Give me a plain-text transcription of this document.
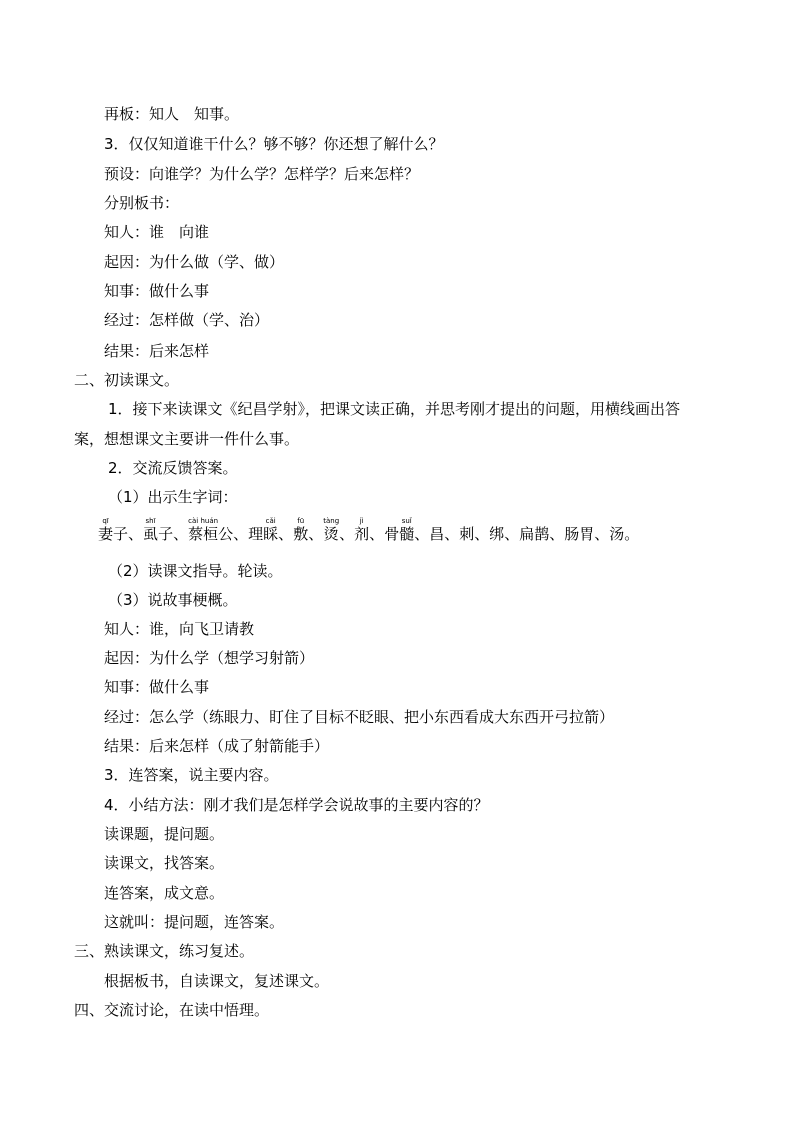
再板：知人　知事。
3．仅仅知道谁干什么？够不够？你还想了解什么？
预设：向谁学？为什么学？怎样学？后来怎样？
分别板书：
知人：谁　向谁
起因：为什么做（学、做）
知事：做什么事
经过：怎样做（学、治）
结果：后来怎样
二、初读课文。
1．接下来读课文《纪昌学射》，把课文读正确，并思考刚才提出的问题，用横线画出答
案，想想课文主要讲一件什么事。
2．交流反馈答案。
（1）出示生字词：
妻qī子 、 虱shī子 、 蔡桓cài huán公 、 理睬cǎi
、 敷fū
、 烫tàng
、 剂jì
、 骨髓suǐ
、 昌、刺、绑、扁鹊、肠胃、汤。
（2）读课文指导。轮读。
（3）说故事梗概。
知人：谁，向飞卫请教
起因：为什么学（想学习射箭）
知事：做什么事
经过：怎么学（练眼力、盯住了目标不眨眼、把小东西看成大东西开弓拉箭）
结果：后来怎样（成了射箭能手）
3．连答案，说主要内容。
4．小结方法：刚才我们是怎样学会说故事的主要内容的？
读课题，提问题。
读课文，找答案。
连答案，成文意。
这就叫：提问题，连答案。
三、熟读课文，练习复述。
根据板书，自读课文，复述课文。
四、交流讨论，在读中悟理。
